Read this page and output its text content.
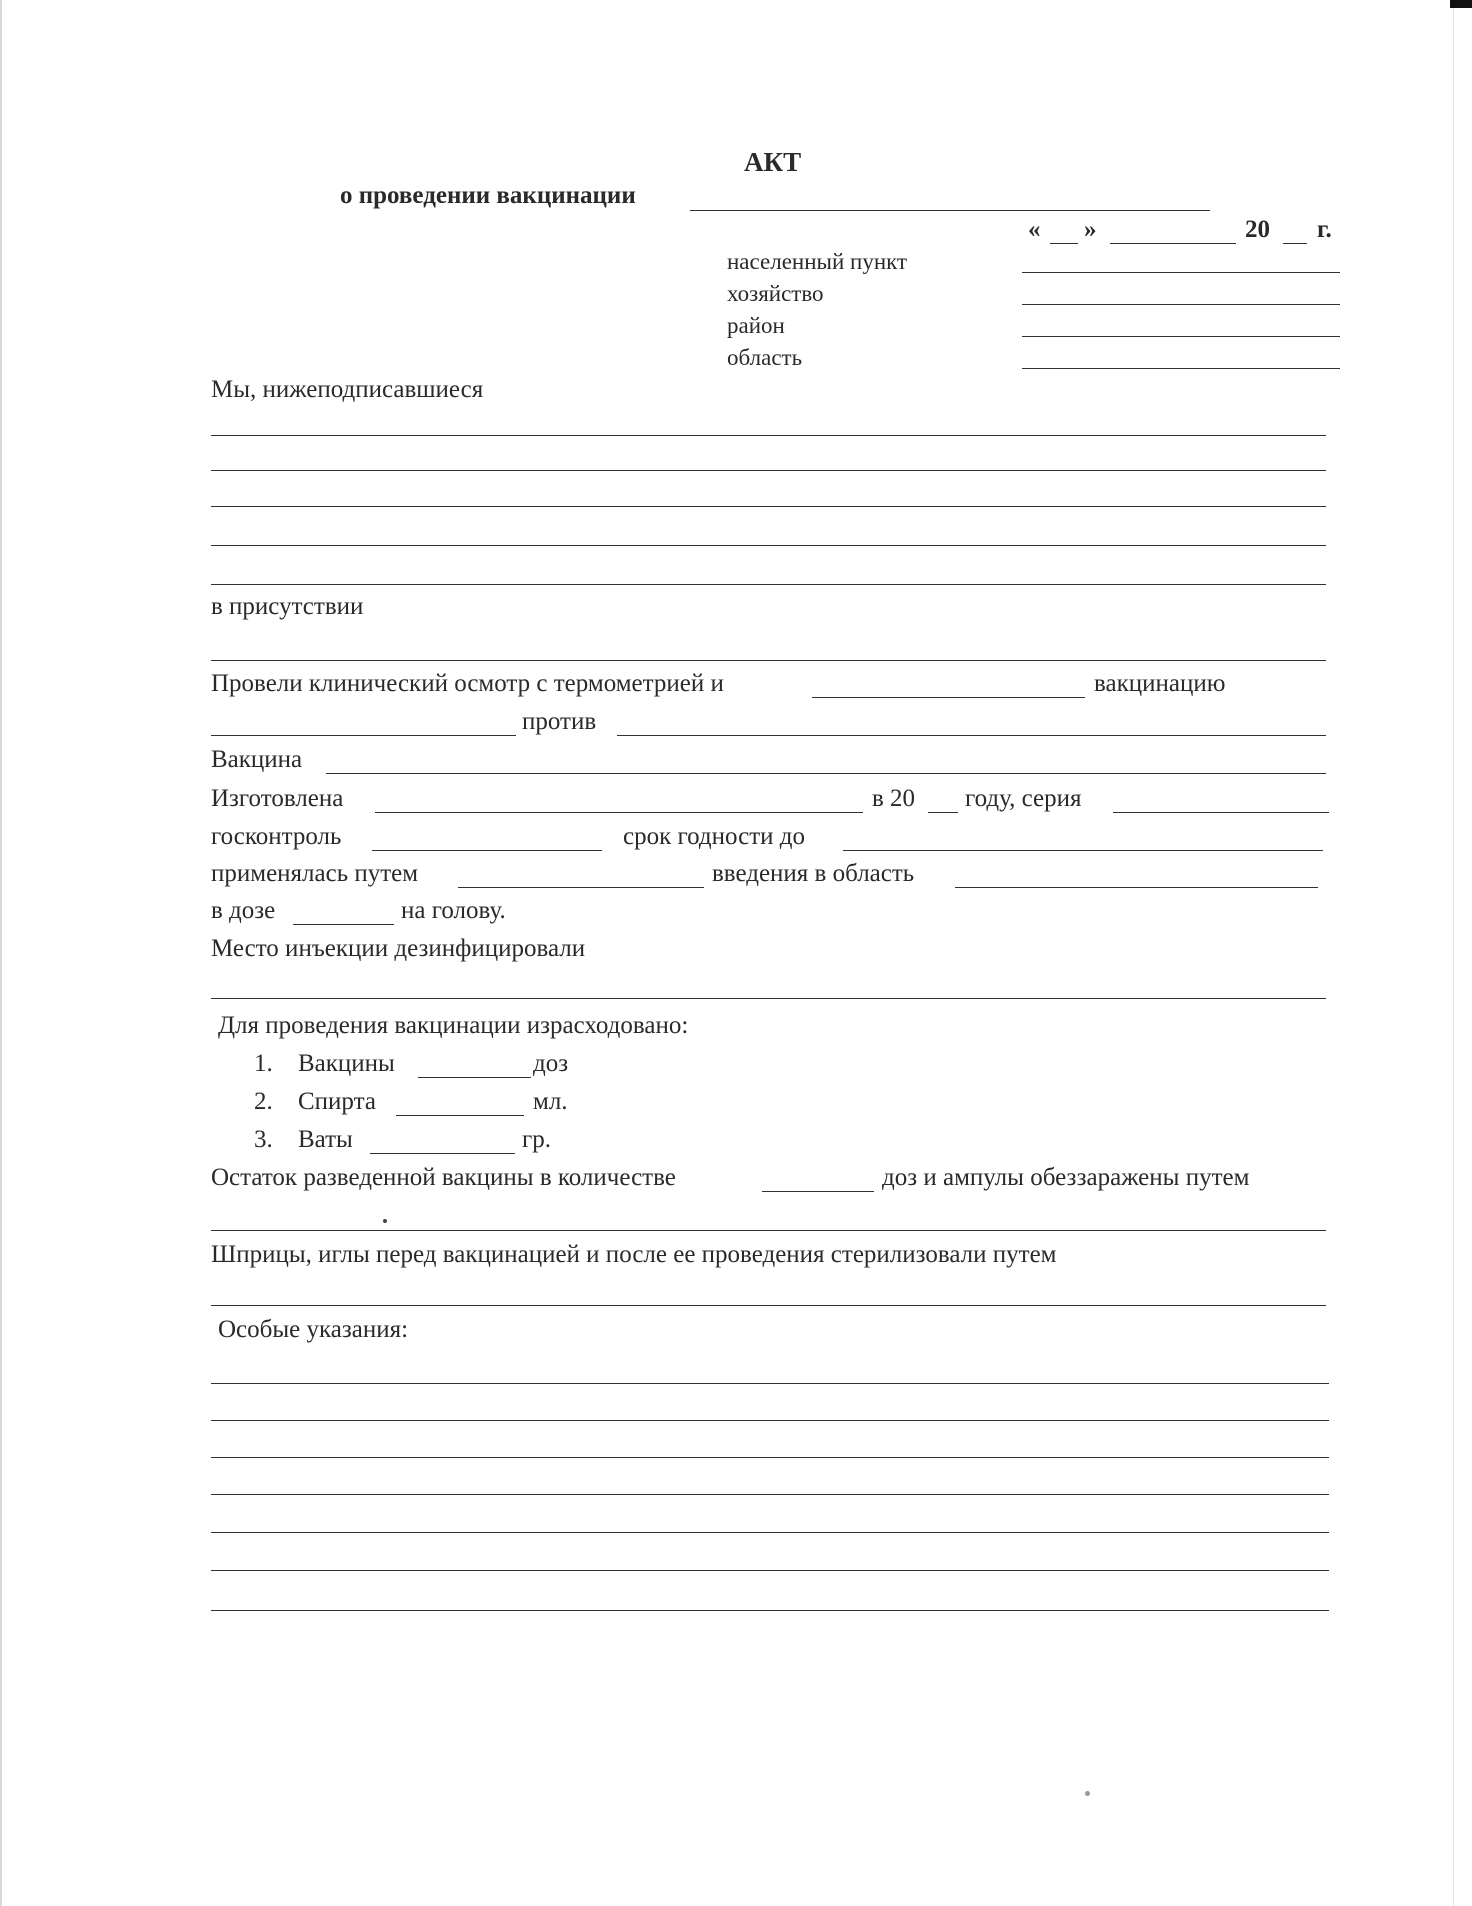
АКТ
о проведении вакцинации
« »	20 г.
населенный пункт
хозяйство
район
область
Мы, нижеподписавшиеся
в присутствии
Провели клинический осмотр с термометрией и	вакцинацию
против
Вакцина
Изготовлена	в 20 году, серия
госконтроль	срок годности до
применялась путем	введения в область
в дозе	на голову.
Место инъекции дезинфицировали
Для проведения вакцинации израсходовано:
1. Вакцины	доз
2. Спирта	мл.
3. Ваты	гр.
Остаток разведенной вакцины в количестве	доз и ампулы обеззаражены путем
Шприцы, иглы перед вакцинацией и после ее проведения стерилизовали путем
Особые указания:
